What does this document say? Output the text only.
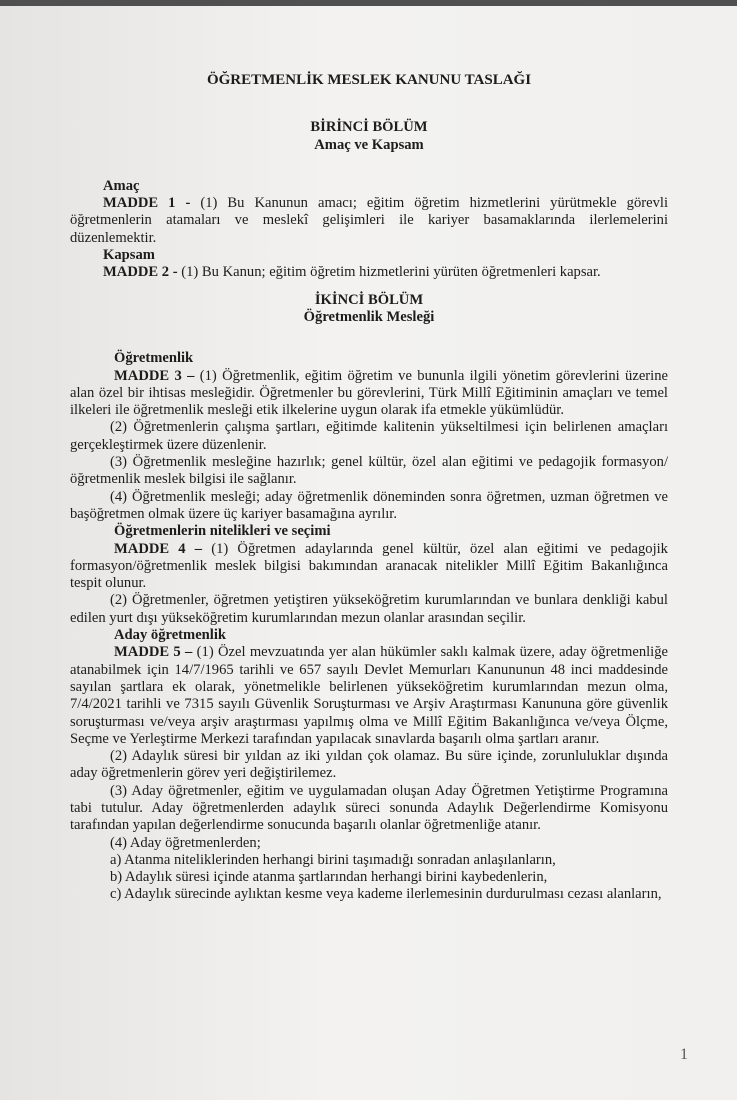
ÖĞRETMENLİK MESLEK KANUNU TASLAĞI
BİRİNCİ BÖLÜM
Amaç ve Kapsam

Amaç

MADDE 1 - (1) Bu Kanunun amacı; eğitim öğretim hizmetlerini yürütmekle görevli öğretmenlerin atamaları ve meslekî gelişimleri ile kariyer basamaklarında ilerlemelerini düzenlemektir.

Kapsam

MADDE 2 - (1) Bu Kanun; eğitim öğretim hizmetlerini yürüten öğretmenleri kapsar.

İKİNCİ BÖLÜM
Öğretmenlik Mesleği

Öğretmenlik

MADDE 3 – (1) Öğretmenlik, eğitim öğretim ve bununla ilgili yönetim görevlerini üzerine alan özel bir ihtisas mesleğidir. Öğretmenler bu görevlerini, Türk Millî Eğitiminin amaçları ve temel ilkeleri ile öğretmenlik mesleği etik ilkelerine uygun olarak ifa etmekle yükümlüdür.

(2) Öğretmenlerin çalışma şartları, eğitimde kalitenin yükseltilmesi için belirlenen amaçları gerçekleştirmek üzere düzenlenir.

(3) Öğretmenlik mesleğine hazırlık; genel kültür, özel alan eğitimi ve pedagojik formasyon/öğretmenlik meslek bilgisi ile sağlanır.

(4) Öğretmenlik mesleği; aday öğretmenlik döneminden sonra öğretmen, uzman öğretmen ve başöğretmen olmak üzere üç kariyer basamağına ayrılır.

Öğretmenlerin nitelikleri ve seçimi

MADDE 4 – (1) Öğretmen adaylarında genel kültür, özel alan eğitimi ve pedagojik formasyon/öğretmenlik meslek bilgisi bakımından aranacak nitelikler Millî Eğitim Bakanlığınca tespit olunur.

(2) Öğretmenler, öğretmen yetiştiren yükseköğretim kurumlarından ve bunlara denkliği kabul edilen yurt dışı yükseköğretim kurumlarından mezun olanlar arasından seçilir.

Aday öğretmenlik

MADDE 5 – (1) Özel mevzuatında yer alan hükümler saklı kalmak üzere, aday öğretmenliğe atanabilmek için 14/7/1965 tarihli ve 657 sayılı Devlet Memurları Kanununun 48 inci maddesinde sayılan şartlara ek olarak, yönetmelikle belirlenen yükseköğretim kurumlarından mezun olma, 7/4/2021 tarihli ve 7315 sayılı Güvenlik Soruşturması ve Arşiv Araştırması Kanununa göre güvenlik soruşturması ve/veya arşiv araştırması yapılmış olma ve Millî Eğitim Bakanlığınca ve/veya Ölçme, Seçme ve Yerleştirme Merkezi tarafından yapılacak sınavlarda başarılı olma şartları aranır.

(2) Adaylık süresi bir yıldan az iki yıldan çok olamaz. Bu süre içinde, zorunluluklar dışında aday öğretmenlerin görev yeri değiştirilemez.

(3) Aday öğretmenler, eğitim ve uygulamadan oluşan Aday Öğretmen Yetiştirme Programına tabi tutulur. Aday öğretmenlerden adaylık süreci sonunda Adaylık Değerlendirme Komisyonu tarafından yapılan değerlendirme sonucunda başarılı olanlar öğretmenliğe atanır.

(4) Aday öğretmenlerden;

a) Atanma niteliklerinden herhangi birini taşımadığı sonradan anlaşılanların,

b) Adaylık süresi içinde atanma şartlarından herhangi birini kaybedenlerin,

c) Adaylık sürecinde aylıktan kesme veya kademe ilerlemesinin durdurulması cezası alanların,

1
